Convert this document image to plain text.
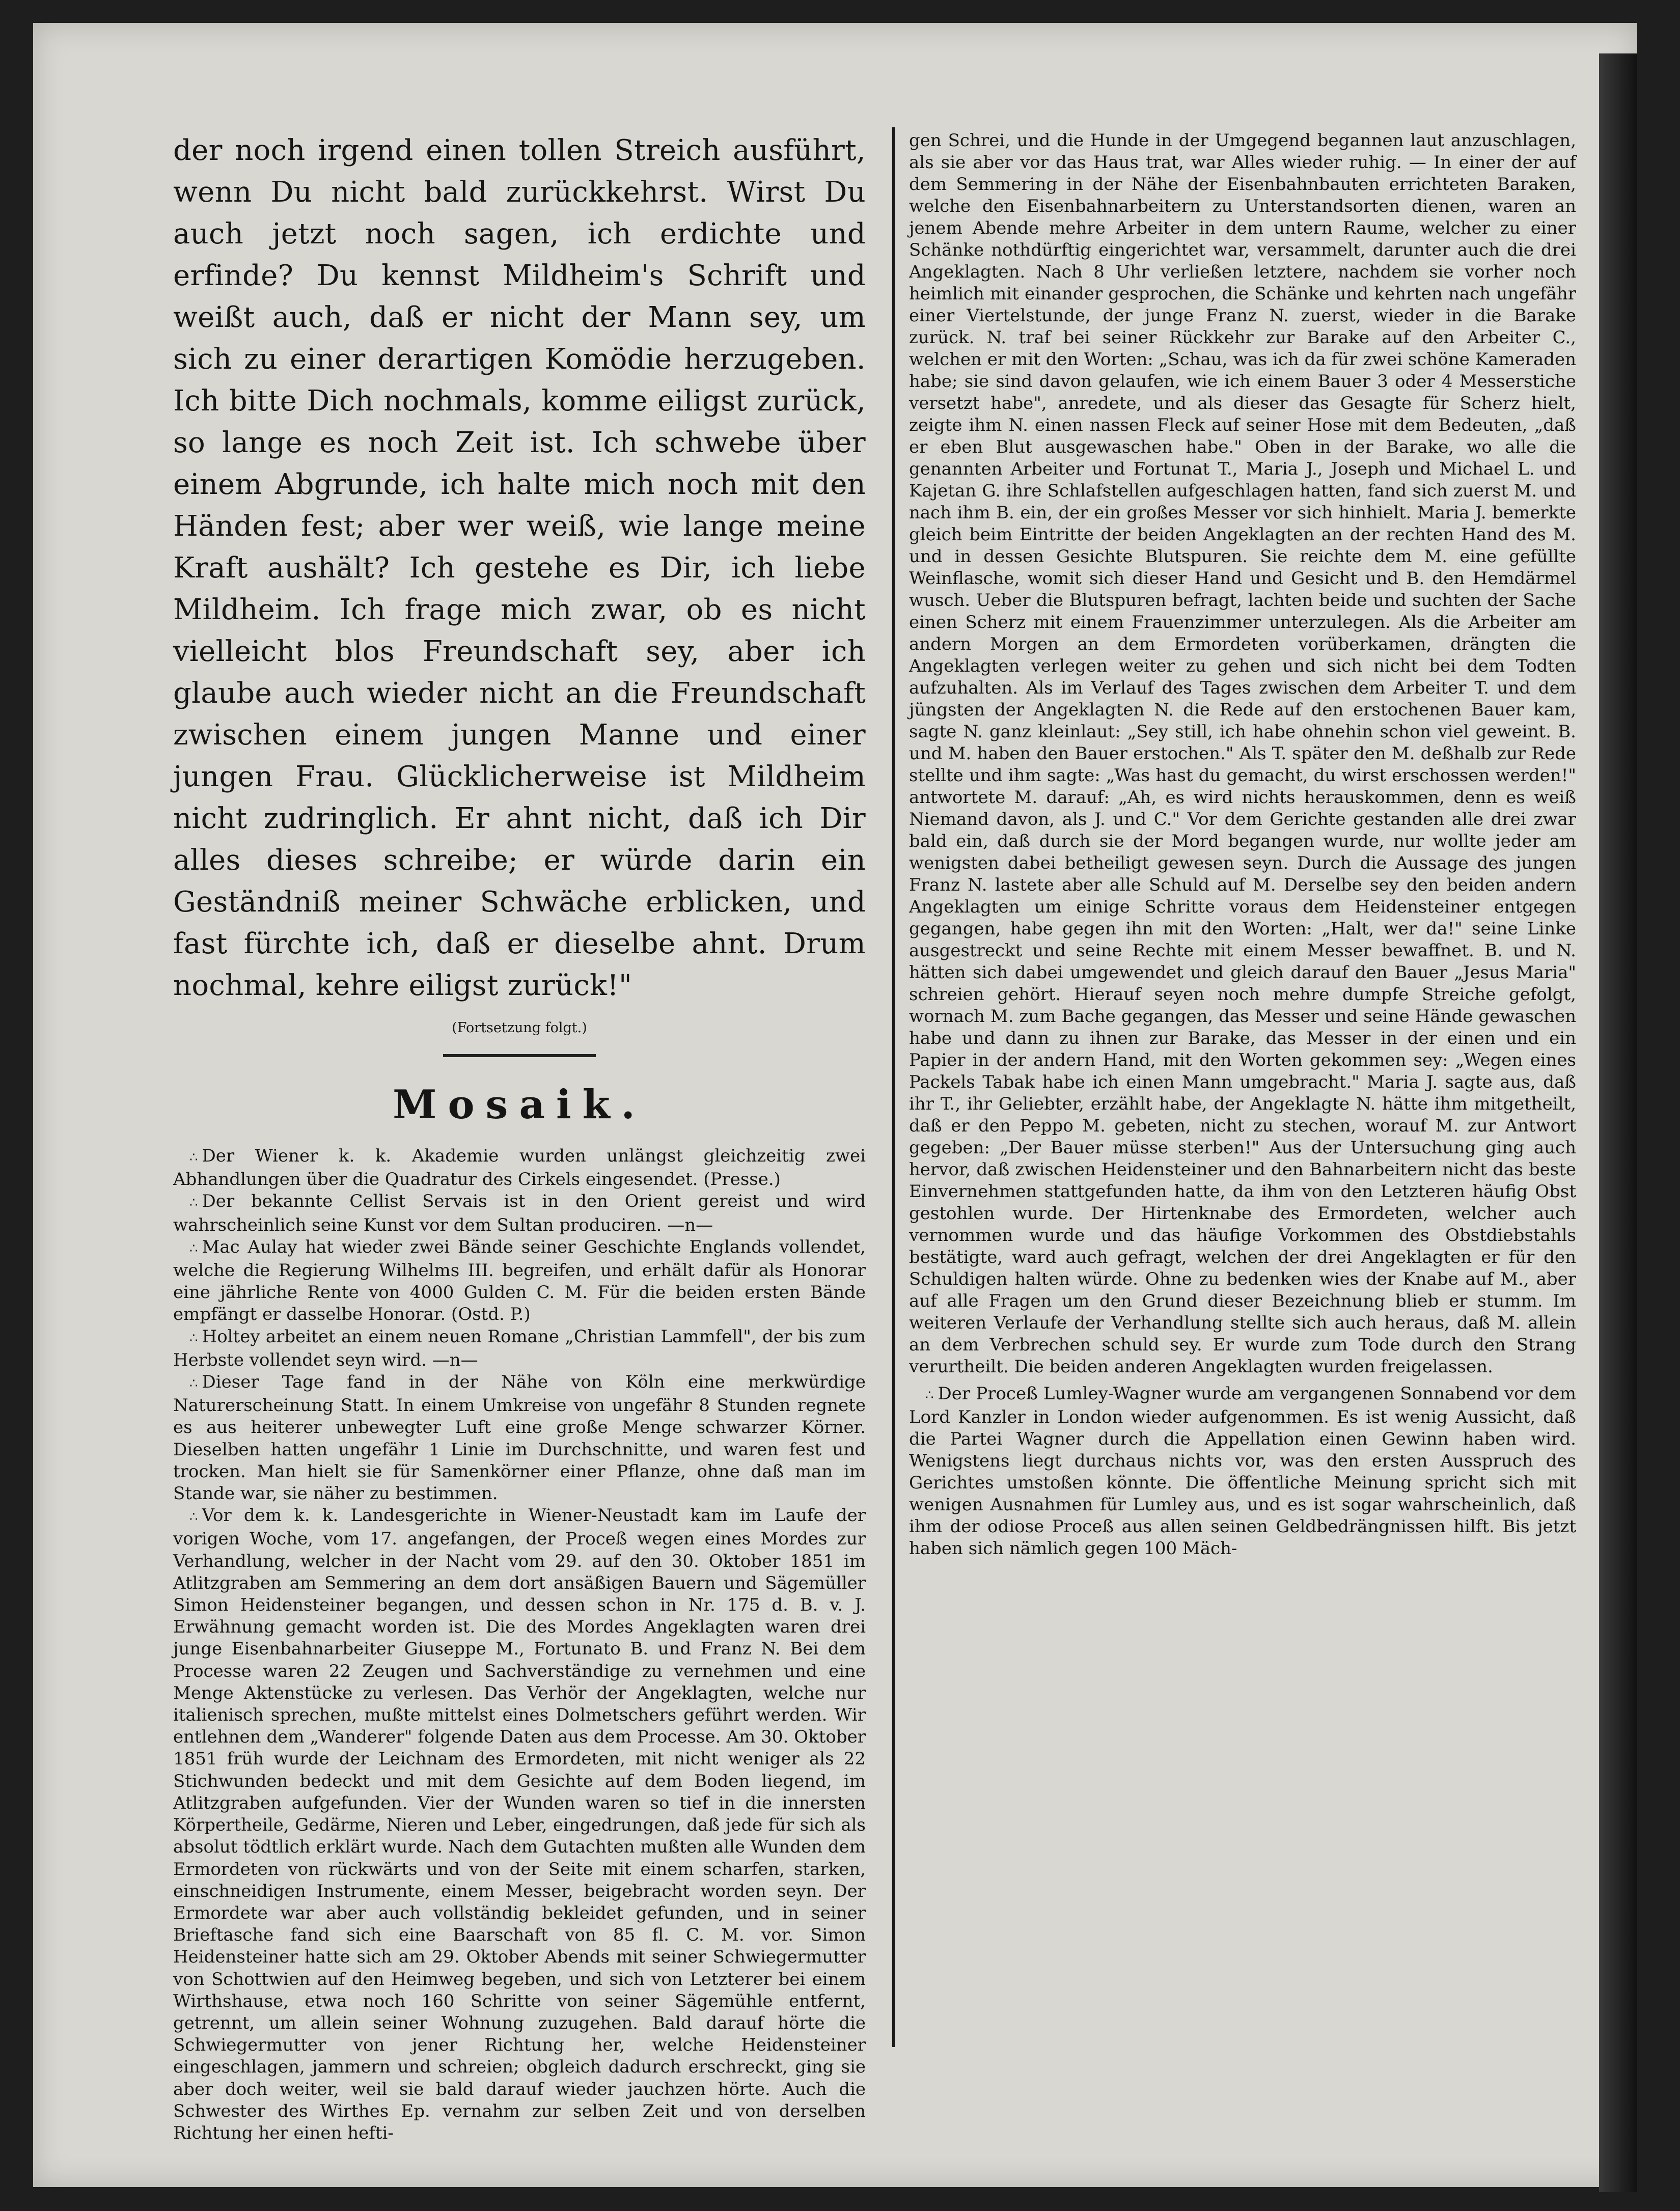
der noch irgend einen tollen Streich ausführt, wenn Du nicht bald zurückkehrst. Wirst Du auch jetzt noch sagen, ich erdichte und erfinde? Du kennst Mildheim's Schrift und weißt auch, daß er nicht der Mann sey, um sich zu einer derartigen Komödie herzugeben. Ich bitte Dich nochmals, komme eiligst zurück, so lange es noch Zeit ist. Ich schwebe über einem Abgrunde, ich halte mich noch mit den Händen fest; aber wer weiß, wie lange meine Kraft aushält? Ich gestehe es Dir, ich liebe Mildheim. Ich frage mich zwar, ob es nicht vielleicht blos Freundschaft sey, aber ich glaube auch wieder nicht an die Freundschaft zwischen einem jungen Manne und einer jungen Frau. Glücklicherweise ist Mildheim nicht zudringlich. Er ahnt nicht, daß ich Dir alles dieses schreibe; er würde darin ein Geständniß meiner Schwäche erblicken, und fast fürchte ich, daß er dieselbe ahnt. Drum nochmal, kehre eiligst zurück!"

(Fortsetzung folgt.)
Mosaik.

∴ Der Wiener k. k. Akademie wurden unlängst gleichzeitig zwei Abhandlungen über die Quadratur des Cirkels eingesendet. (Presse.)

∴ Der bekannte Cellist Servais ist in den Orient gereist und wird wahrscheinlich seine Kunst vor dem Sultan produciren. —n—

∴ Mac Aulay hat wieder zwei Bände seiner Geschichte Englands vollendet, welche die Regierung Wilhelms III. begreifen, und erhält dafür als Honorar eine jährliche Rente von 4000 Gulden C. M. Für die beiden ersten Bände empfängt er dasselbe Honorar. (Ostd. P.)

∴ Holtey arbeitet an einem neuen Romane „Christian Lammfell", der bis zum Herbste vollendet seyn wird. —n—

∴ Dieser Tage fand in der Nähe von Köln eine merkwürdige Naturerscheinung Statt. In einem Umkreise von ungefähr 8 Stunden regnete es aus heiterer unbewegter Luft eine große Menge schwarzer Körner. Dieselben hatten ungefähr 1 Linie im Durchschnitte, und waren fest und trocken. Man hielt sie für Samenkörner einer Pflanze, ohne daß man im Stande war, sie näher zu bestimmen.

∴ Vor dem k. k. Landesgerichte in Wiener-Neustadt kam im Laufe der vorigen Woche, vom 17. angefangen, der Proceß wegen eines Mordes zur Verhandlung, welcher in der Nacht vom 29. auf den 30. Oktober 1851 im Atlitzgraben am Semmering an dem dort ansäßigen Bauern und Sägemüller Simon Heidensteiner begangen, und dessen schon in Nr. 175 d. B. v. J. Erwähnung gemacht worden ist. Die des Mordes Angeklagten waren drei junge Eisenbahnarbeiter Giuseppe M., Fortunato B. und Franz N. Bei dem Processe waren 22 Zeugen und Sachverständige zu vernehmen und eine Menge Aktenstücke zu verlesen. Das Verhör der Angeklagten, welche nur italienisch sprechen, mußte mittelst eines Dolmetschers geführt werden. Wir entlehnen dem „Wanderer" folgende Daten aus dem Processe. Am 30. Oktober 1851 früh wurde der Leichnam des Ermordeten, mit nicht weniger als 22 Stichwunden bedeckt und mit dem Gesichte auf dem Boden liegend, im Atlitzgraben aufgefunden. Vier der Wunden waren so tief in die innersten Körpertheile, Gedärme, Nieren und Leber, eingedrungen, daß jede für sich als absolut tödtlich erklärt wurde. Nach dem Gutachten mußten alle Wunden dem Ermordeten von rückwärts und von der Seite mit einem scharfen, starken, einschneidigen Instrumente, einem Messer, beigebracht worden seyn. Der Ermordete war aber auch vollständig bekleidet gefunden, und in seiner Brieftasche fand sich eine Baarschaft von 85 fl. C. M. vor. Simon Heidensteiner hatte sich am 29. Oktober Abends mit seiner Schwiegermutter von Schottwien auf den Heimweg begeben, und sich von Letzterer bei einem Wirthshause, etwa noch 160 Schritte von seiner Sägemühle entfernt, getrennt, um allein seiner Wohnung zuzugehen. Bald darauf hörte die Schwiegermutter von jener Richtung her, welche Heidensteiner eingeschlagen, jammern und schreien; obgleich dadurch erschreckt, ging sie aber doch weiter, weil sie bald darauf wieder jauchzen hörte. Auch die Schwester des Wirthes Ep. vernahm zur selben Zeit und von derselben Richtung her einen hefti-

gen Schrei, und die Hunde in der Umgegend begannen laut anzuschlagen, als sie aber vor das Haus trat, war Alles wieder ruhig. — In einer der auf dem Semmering in der Nähe der Eisenbahnbauten errichteten Baraken, welche den Eisenbahnarbeitern zu Unterstandsorten dienen, waren an jenem Abende mehre Arbeiter in dem untern Raume, welcher zu einer Schänke nothdürftig eingerichtet war, versammelt, darunter auch die drei Angeklagten. Nach 8 Uhr verließen letztere, nachdem sie vorher noch heimlich mit einander gesprochen, die Schänke und kehrten nach ungefähr einer Viertelstunde, der junge Franz N. zuerst, wieder in die Barake zurück. N. traf bei seiner Rückkehr zur Barake auf den Arbeiter C., welchen er mit den Worten: „Schau, was ich da für zwei schöne Kameraden habe; sie sind davon gelaufen, wie ich einem Bauer 3 oder 4 Messerstiche versetzt habe", anredete, und als dieser das Gesagte für Scherz hielt, zeigte ihm N. einen nassen Fleck auf seiner Hose mit dem Bedeuten, „daß er eben Blut ausgewaschen habe." Oben in der Barake, wo alle die genannten Arbeiter und Fortunat T., Maria J., Joseph und Michael L. und Kajetan G. ihre Schlafstellen aufgeschlagen hatten, fand sich zuerst M. und nach ihm B. ein, der ein großes Messer vor sich hinhielt. Maria J. bemerkte gleich beim Eintritte der beiden Angeklagten an der rechten Hand des M. und in dessen Gesichte Blutspuren. Sie reichte dem M. eine gefüllte Weinflasche, womit sich dieser Hand und Gesicht und B. den Hemdärmel wusch. Ueber die Blutspuren befragt, lachten beide und suchten der Sache einen Scherz mit einem Frauenzimmer unterzulegen. Als die Arbeiter am andern Morgen an dem Ermordeten vorüberkamen, drängten die Angeklagten verlegen weiter zu gehen und sich nicht bei dem Todten aufzuhalten. Als im Verlauf des Tages zwischen dem Arbeiter T. und dem jüngsten der Angeklagten N. die Rede auf den erstochenen Bauer kam, sagte N. ganz kleinlaut: „Sey still, ich habe ohnehin schon viel geweint. B. und M. haben den Bauer erstochen." Als T. später den M. deßhalb zur Rede stellte und ihm sagte: „Was hast du gemacht, du wirst erschossen werden!" antwortete M. darauf: „Ah, es wird nichts herauskommen, denn es weiß Niemand davon, als J. und C." Vor dem Gerichte gestanden alle drei zwar bald ein, daß durch sie der Mord begangen wurde, nur wollte jeder am wenigsten dabei betheiligt gewesen seyn. Durch die Aussage des jungen Franz N. lastete aber alle Schuld auf M. Derselbe sey den beiden andern Angeklagten um einige Schritte voraus dem Heidensteiner entgegen gegangen, habe gegen ihn mit den Worten: „Halt, wer da!" seine Linke ausgestreckt und seine Rechte mit einem Messer bewaffnet. B. und N. hätten sich dabei umgewendet und gleich darauf den Bauer „Jesus Maria" schreien gehört. Hierauf seyen noch mehre dumpfe Streiche gefolgt, wornach M. zum Bache gegangen, das Messer und seine Hände gewaschen habe und dann zu ihnen zur Barake, das Messer in der einen und ein Papier in der andern Hand, mit den Worten gekommen sey: „Wegen eines Packels Tabak habe ich einen Mann umgebracht." Maria J. sagte aus, daß ihr T., ihr Geliebter, erzählt habe, der Angeklagte N. hätte ihm mitgetheilt, daß er den Peppo M. gebeten, nicht zu stechen, worauf M. zur Antwort gegeben: „Der Bauer müsse sterben!" Aus der Untersuchung ging auch hervor, daß zwischen Heidensteiner und den Bahnarbeitern nicht das beste Einvernehmen stattgefunden hatte, da ihm von den Letzteren häufig Obst gestohlen wurde. Der Hirtenknabe des Ermordeten, welcher auch vernommen wurde und das häufige Vorkommen des Obstdiebstahls bestätigte, ward auch gefragt, welchen der drei Angeklagten er für den Schuldigen halten würde. Ohne zu bedenken wies der Knabe auf M., aber auf alle Fragen um den Grund dieser Bezeichnung blieb er stumm. Im weiteren Verlaufe der Verhandlung stellte sich auch heraus, daß M. allein an dem Verbrechen schuld sey. Er wurde zum Tode durch den Strang verurtheilt. Die beiden anderen Angeklagten wurden freigelassen.

∴ Der Proceß Lumley-Wagner wurde am vergangenen Sonnabend vor dem Lord Kanzler in London wieder aufgenommen. Es ist wenig Aussicht, daß die Partei Wagner durch die Appellation einen Gewinn haben wird. Wenigstens liegt durchaus nichts vor, was den ersten Ausspruch des Gerichtes umstoßen könnte. Die öffentliche Meinung spricht sich mit wenigen Ausnahmen für Lumley aus, und es ist sogar wahrscheinlich, daß ihm der odiose Proceß aus allen seinen Geldbedrängnissen hilft. Bis jetzt haben sich nämlich gegen 100 Mäch-
